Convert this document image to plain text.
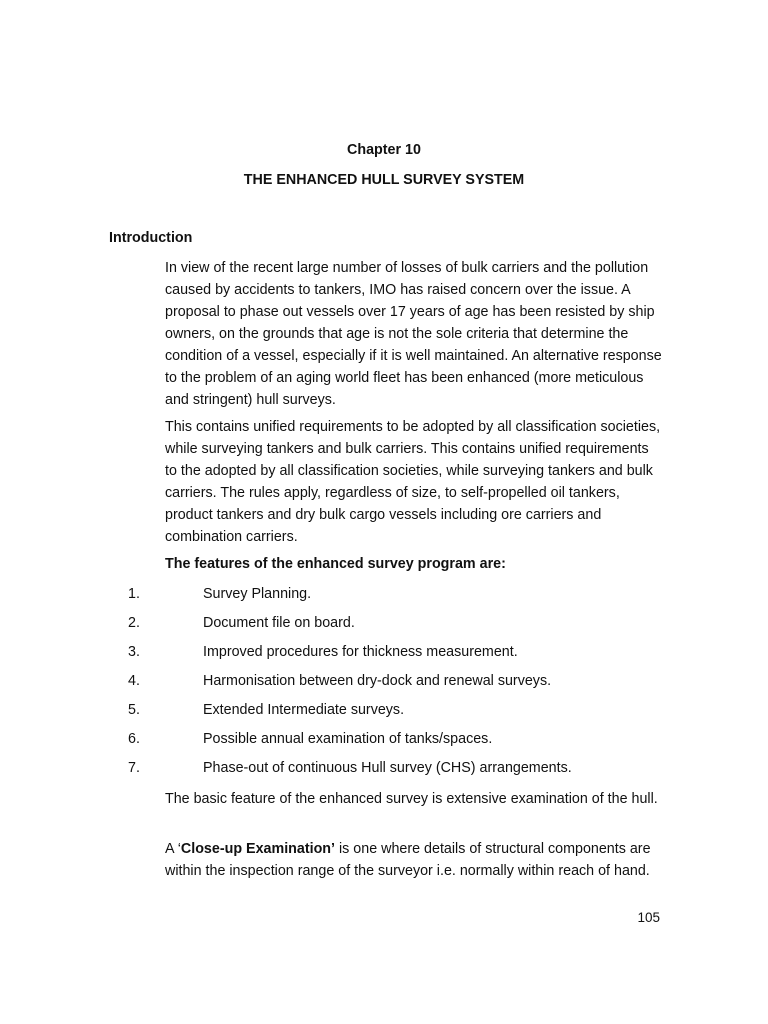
Chapter 10
THE ENHANCED HULL SURVEY SYSTEM
Introduction

In view of the recent large number of losses of bulk carriers and the pollution caused by accidents to tankers, IMO has raised concern over the issue. A proposal to phase out vessels over 17 years of age has been resisted by ship owners, on the grounds that age is not the sole criteria that determine the condition of a vessel, especially if it is well maintained. An alternative response to the problem of an aging world fleet has been enhanced (more meticulous and stringent) hull surveys.

This contains unified requirements to be adopted by all classification societies, while surveying tankers and bulk carriers. This contains unified requirements to the adopted by all classification societies, while surveying tankers and bulk carriers. The rules apply, regardless of size, to self-propelled oil tankers, product tankers and dry bulk cargo vessels including ore carriers and combination carriers.

The features of the enhanced survey program are:
1.	Survey Planning.
2.	Document file on board.
3.	Improved procedures for thickness measurement.
4.	Harmonisation between dry-dock and renewal surveys.
5.	Extended Intermediate surveys.
6.	Possible annual examination of tanks/spaces.
7.	Phase-out of continuous Hull survey (CHS) arrangements.

The basic feature of the enhanced survey is extensive examination of the hull.

A ‘Close-up Examination’ is one where details of structural components are within the inspection range of the surveyor i.e. normally within reach of hand.

105
